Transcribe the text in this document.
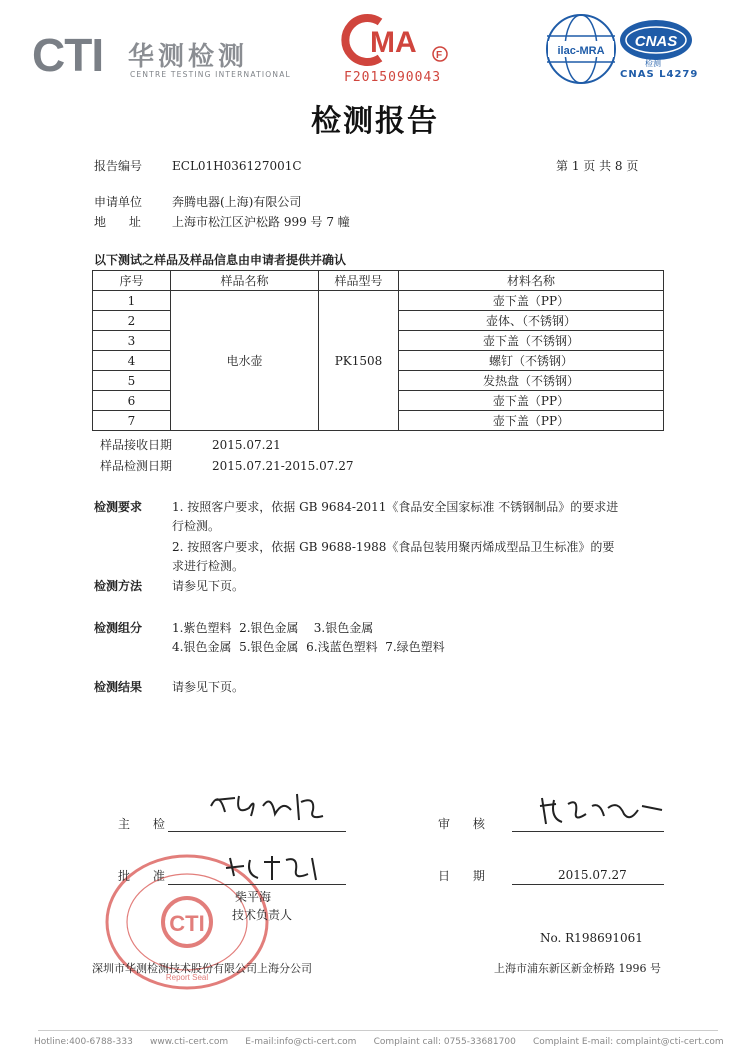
CTI 华测检测
CENTRE TESTING INTERNATIONAL
MA F
F2015090043
ilac-MRA
CNAS
检测
CNAS L4279
检测报告
报告编号 ECL01H036127001C	第 1 页 共 8 页
申请单位 奔腾电器(上海)有限公司
地      址	上海市松江区沪松路 999 号 7 幢
以下测试之样品及样品信息由申请者提供并确认
序号	样品名称	样品型号	材料名称
1	电水壶	PK1508	壶下盖（PP）
2			壶体、（不锈钢）
3			壶下盖（不锈钢）
4			螺钉（不锈钢）
5			发热盘（不锈钢）
6			壶下盖（PP）
7			壶下盖（PP）
样品接收日期	2015.07.21
样品检测日期	2015.07.21-2015.07.27
检测要求 1. 按照客户要求，依据 GB 9684-2011《食品安全国家标准 不锈钢制品》的要求进
行检测。
2. 按照客户要求，依据 GB 9688-1988《食品包装用聚丙烯成型品卫生标准》的要
求进行检测。
检测方法 请参见下页。
检测组分 1.紫色塑料  2.银色金属    3.银色金属
4.银色金属  5.银色金属  6.浅蓝色塑料  7.绿色塑料
检测结果 请参见下页。
主      检	审      核
CTI
Report Seal
批      准
柴平海
技术负责人
日      期	2015.07.27
No. R198691061
深圳市华测检测技术股份有限公司上海分公司	上海市浦东新区新金桥路 1996 号
Hotline:400-6788-333      www.cti-cert.com      E-mail:info@cti-cert.com      Complaint call: 0755-33681700      Complaint E-mail: complaint@cti-cert.com
